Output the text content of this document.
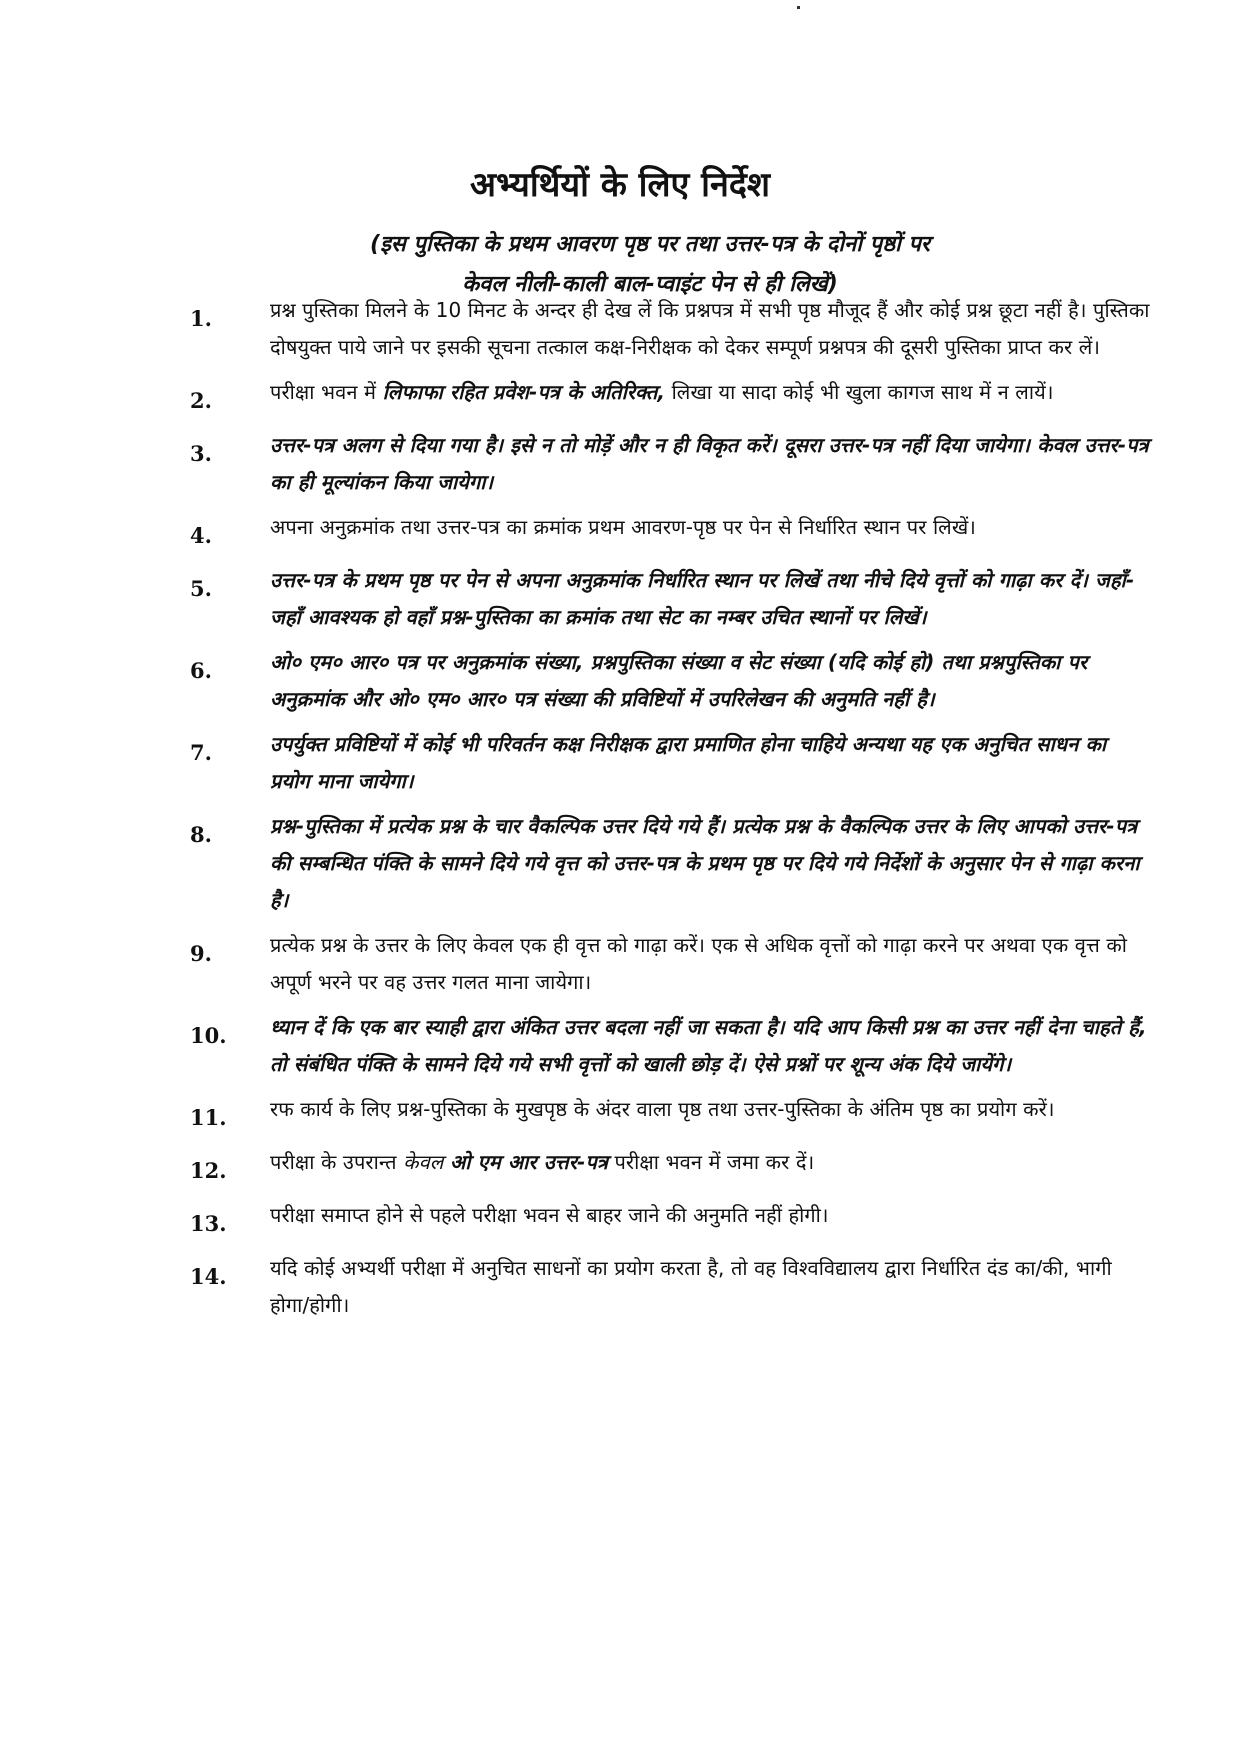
अभ्यर्थियों के लिए निर्देश
(इस पुस्तिका के प्रथम आवरण पृष्ठ पर तथा उत्तर-पत्र के दोनों पृष्ठों पर
केवल नीली-काली बाल-प्वाइंट पेन से ही लिखें)
1.	प्रश्न पुस्तिका मिलने के 10 मिनट के अन्दर ही देख लें कि प्रश्नपत्र में सभी पृष्ठ मौजूद हैं और कोई प्रश्न छूटा नहीं है। पुस्तिका दोषयुक्त पाये जाने पर इसकी सूचना तत्काल कक्ष-निरीक्षक को देकर सम्पूर्ण प्रश्नपत्र की दूसरी पुस्तिका प्राप्त कर लें।
2.	परीक्षा भवन में लिफाफा रहित प्रवेश-पत्र के अतिरिक्त, लिखा या सादा कोई भी खुला कागज साथ में न लायें।
3.	उत्तर-पत्र अलग से दिया गया है। इसे न तो मोड़ें और न ही विकृत करें। दूसरा उत्तर-पत्र नहीं दिया जायेगा। केवल उत्तर-पत्र का ही मूल्यांकन किया जायेगा।
4.	अपना अनुक्रमांक तथा उत्तर-पत्र का क्रमांक प्रथम आवरण-पृष्ठ पर पेन से निर्धारित स्थान पर लिखें।
5.	उत्तर-पत्र के प्रथम पृष्ठ पर पेन से अपना अनुक्रमांक निर्धारित स्थान पर लिखें तथा नीचे दिये वृत्तों को गाढ़ा कर दें। जहाँ-जहाँ आवश्यक हो वहाँ प्रश्न-पुस्तिका का क्रमांक तथा सेट का नम्बर उचित स्थानों पर लिखें।
6.	ओ० एम० आर० पत्र पर अनुक्रमांक संख्या, प्रश्नपुस्तिका संख्या व सेट संख्या (यदि कोई हो) तथा प्रश्नपुस्तिका पर अनुक्रमांक और ओ० एम० आर० पत्र संख्या की प्रविष्टियों में उपरिलेखन की अनुमति नहीं है।
7.	उपर्युक्त प्रविष्टियों में कोई भी परिवर्तन कक्ष निरीक्षक द्वारा प्रमाणित होना चाहिये अन्यथा यह एक अनुचित साधन का प्रयोग माना जायेगा।
8.	प्रश्न-पुस्तिका में प्रत्येक प्रश्न के चार वैकल्पिक उत्तर दिये गये हैं। प्रत्येक प्रश्न के वैकल्पिक उत्तर के लिए आपको उत्तर-पत्र की सम्बन्धित पंक्ति के सामने दिये गये वृत्त को उत्तर-पत्र के प्रथम पृष्ठ पर दिये गये निर्देशों के अनुसार पेन से गाढ़ा करना है।
9.	प्रत्येक प्रश्न के उत्तर के लिए केवल एक ही वृत्त को गाढ़ा करें। एक से अधिक वृत्तों को गाढ़ा करने पर अथवा एक वृत्त को अपूर्ण भरने पर वह उत्तर गलत माना जायेगा।
10.	ध्यान दें कि एक बार स्याही द्वारा अंकित उत्तर बदला नहीं जा सकता है। यदि आप किसी प्रश्न का उत्तर नहीं देना चाहते हैं, तो संबंधित पंक्ति के सामने दिये गये सभी वृत्तों को खाली छोड़ दें। ऐसे प्रश्नों पर शून्य अंक दिये जायेंगे।
11.	रफ कार्य के लिए प्रश्न-पुस्तिका के मुखपृष्ठ के अंदर वाला पृष्ठ तथा उत्तर-पुस्तिका के अंतिम पृष्ठ का प्रयोग करें।
12.	परीक्षा के उपरान्त केवल ओ एम आर उत्तर-पत्र परीक्षा भवन में जमा कर दें।
13.	परीक्षा समाप्त होने से पहले परीक्षा भवन से बाहर जाने की अनुमति नहीं होगी।
14.	यदि कोई अभ्यर्थी परीक्षा में अनुचित साधनों का प्रयोग करता है, तो वह विश्वविद्यालय द्वारा निर्धारित दंड का/की, भागी होगा/होगी।
